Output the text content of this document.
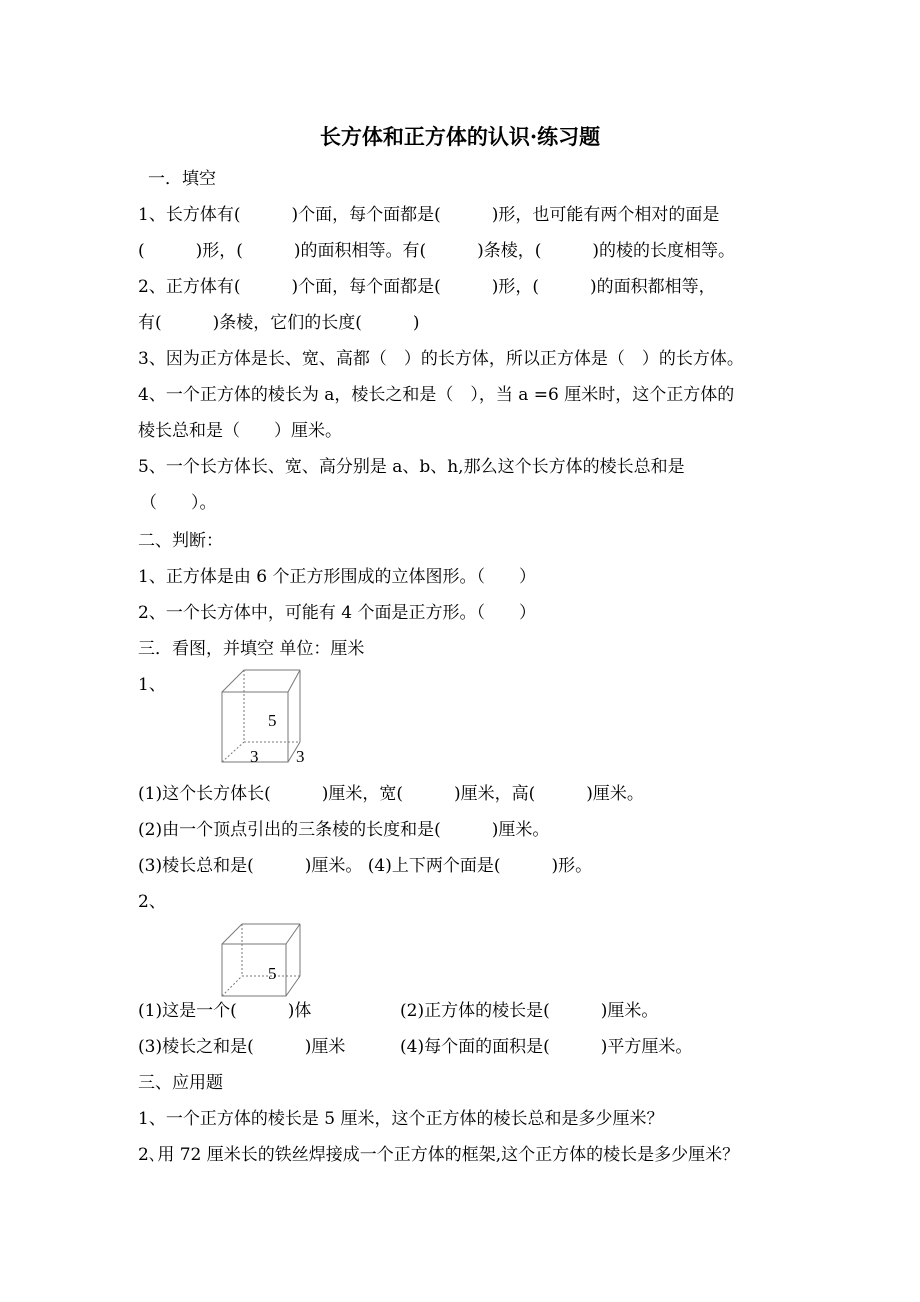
长方体和正方体的认识·练习题
一．填空
1、长方体有(　　　)个面，每个面都是(　　　)形，也可能有两个相对的面是
(　　　)形，(　　　)的面积相等。有(　　　)条棱，(　　　)的棱的长度相等。
2、正方体有(　　　)个面，每个面都是(　　　)形，(　　　)的面积都相等，
有(　　　)条棱，它们的长度(　　　)
3、因为正方体是长、宽、高都（　）的长方体，所以正方体是（　）的长方体。
4、一个正方体的棱长为 a，棱长之和是（　），当 a =6 厘米时，这个正方体的
棱长总和是（　　）厘米。
5、一个长方体长、宽、高分别是 a、b、h,那么这个长方体的棱长总和是
（　　）。
二、判断：
1、正方体是由 6 个正方形围成的立体图形。（　　）
2、一个长方体中，可能有 4 个面是正方形。（　　）
三．看图，并填空 单位：厘米
1、
5
3 3
(1)这个长方体长(　　　)厘米，宽(　　　)厘米，高(　　　)厘米。
(2)由一个顶点引出的三条棱的长度和是(　　　)厘米。
(3)棱长总和是(　　　)厘米。 (4)上下两个面是(　　　)形。
2、
5
(1)这是一个(　　　)体	(2)正方体的棱长是(　　　)厘米。
(3)棱长之和是(　　　)厘米	(4)每个面的面积是(　　　)平方厘米。
三、应用题
1、一个正方体的棱长是 5 厘米，这个正方体的棱长总和是多少厘米？
2､用 72 厘米长的铁丝焊接成一个正方体的框架,这个正方体的棱长是多少厘米？
